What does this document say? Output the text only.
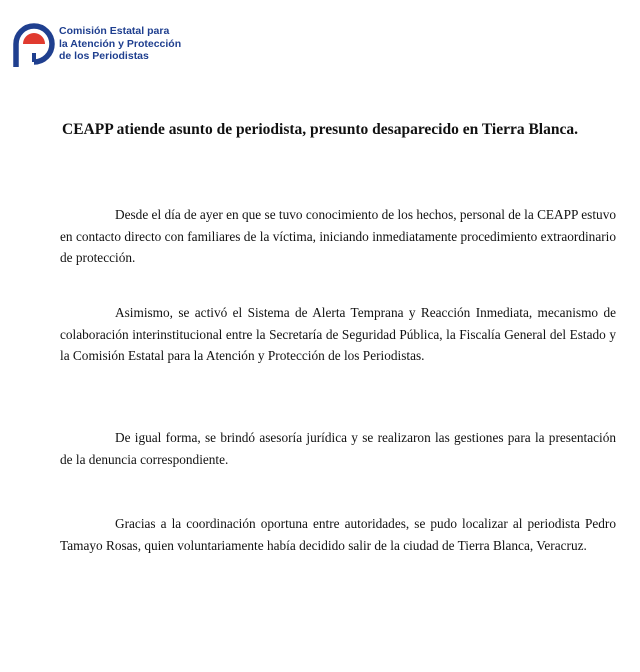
Comisión Estatal para
la Atención y Protección
de los Periodistas
CEAPP atiende asunto de periodista, presunto desaparecido en Tierra Blanca.

Desde el día de ayer en que se tuvo conocimiento de los hechos, personal de la CEAPP estuvo en contacto directo con familiares de la víctima, iniciando inmediatamente procedimiento extraordinario de protección.

Asimismo, se activó el Sistema de Alerta Temprana y Reacción Inmediata, mecanismo de colaboración interinstitucional entre la Secretaría de Seguridad Pública, la Fiscalía General del Estado y la Comisión Estatal para la Atención y Protección de los Periodistas.

De igual forma, se brindó asesoría jurídica y se realizaron las gestiones para la presentación de la denuncia correspondiente.

Gracias a la coordinación oportuna entre autoridades, se pudo localizar al periodista Pedro Tamayo Rosas, quien voluntariamente había decidido salir de la ciudad de Tierra Blanca, Veracruz.
